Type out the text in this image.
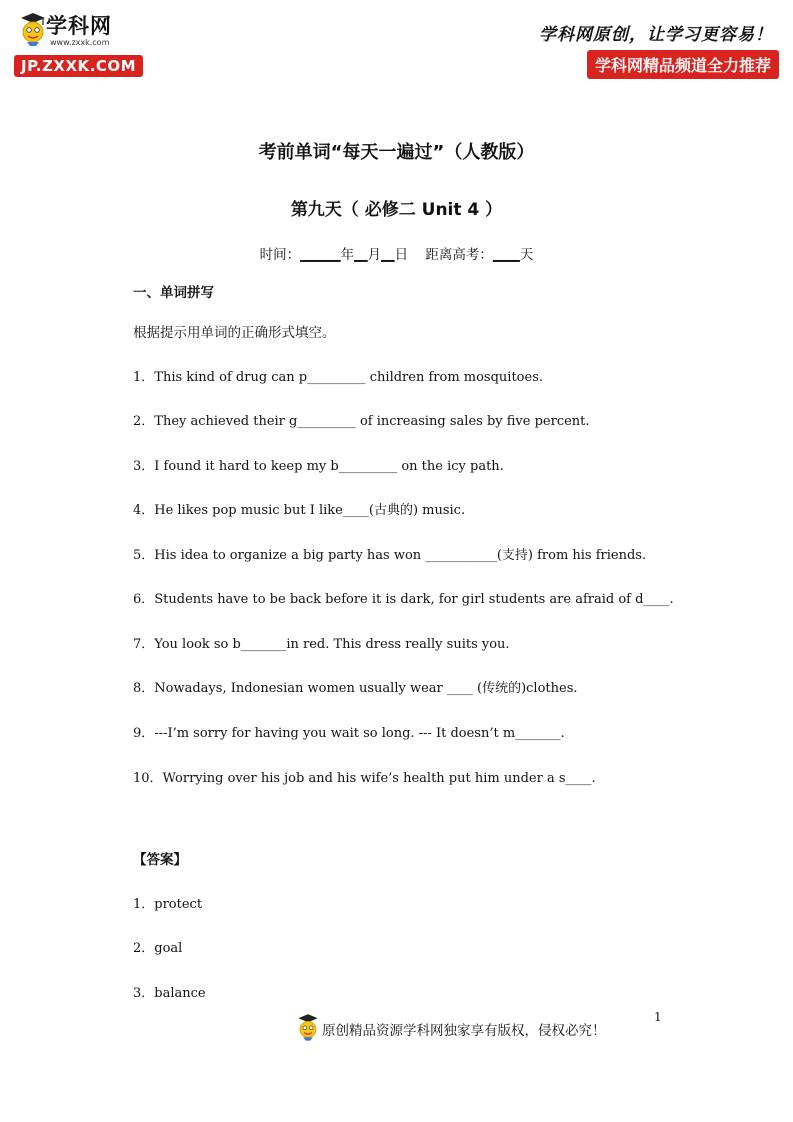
学科网
www.zxxk.com
JP.ZXXK.COM
学科网原创，让学习更容易！
学科网精品频道全力推荐
考前单词“每天一遍过”（人教版）
第九天（ 必修二 Unit 4 ）
时间：______年__月__日 距离高考：____天
一、单词拼写
根据提示用单词的正确形式填空。
1．This kind of drug can p_________ children from mosquitoes.
2．They achieved their g_________ of increasing sales by five percent.
3．I found it hard to keep my b_________ on the icy path.
4．He likes pop music but I like____(古典的) music.
5．His idea to organize a big party has won ___________(支持) from his friends.
6．Students have to be back before it is dark, for girl students are afraid of d____.
7．You look so b_______in red. This dress really suits you.
8．Nowadays, Indonesian women usually wear ____ (传统的)clothes.
9．---I’m sorry for having you wait so long. --- It doesn’t m_______.
10．Worrying over his job and his wife’s health put him under a s____.
【答案】
1．protect
2．goal
3．balance
原创精品资源学科网独家享有版权，侵权必究！
1
